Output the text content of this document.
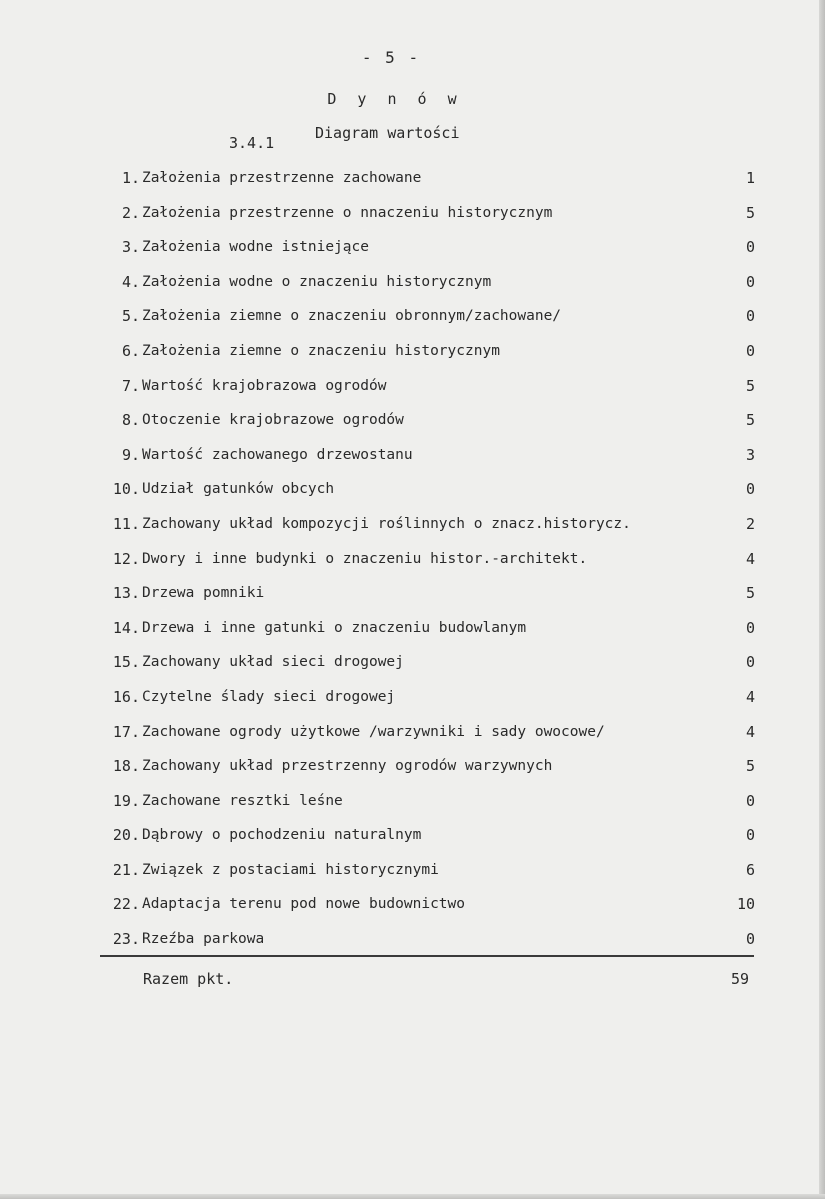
- 5 -
D y n ó w
3.4.1
Diagram wartości
1. Założenia przestrzenne zachowane	1
2. Założenia przestrzenne o nnaczeniu historycznym	5
3. Założenia wodne istniejące	0
4. Założenia wodne o znaczeniu historycznym	0
5. Założenia ziemne o znaczeniu obronnym/zachowane/	0
6. Założenia ziemne o znaczeniu historycznym	0
7. Wartość krajobrazowa ogrodów	5
8. Otoczenie krajobrazowe ogrodów	5
9. Wartość zachowanego drzewostanu	3
10. Udział gatunków obcych	0
11. Zachowany układ kompozycji roślinnych o znacz.historycz.	2
12. Dwory i inne budynki o znaczeniu histor.-architekt.	4
13. Drzewa pomniki	5
14. Drzewa i inne gatunki o znaczeniu budowlanym	0
15. Zachowany układ sieci drogowej	0
16. Czytelne ślady sieci drogowej	4
17. Zachowane ogrody użytkowe /warzywniki i sady owocowe/	4
18. Zachowany układ przestrzenny ogrodów warzywnych	5
19. Zachowane resztki leśne	0
20. Dąbrowy o pochodzeniu naturalnym	0
21. Związek z postaciami historycznymi	6
22. Adaptacja terenu pod nowe budownictwo	10
23. Rzeźba parkowa	0
Razem pkt.	59
